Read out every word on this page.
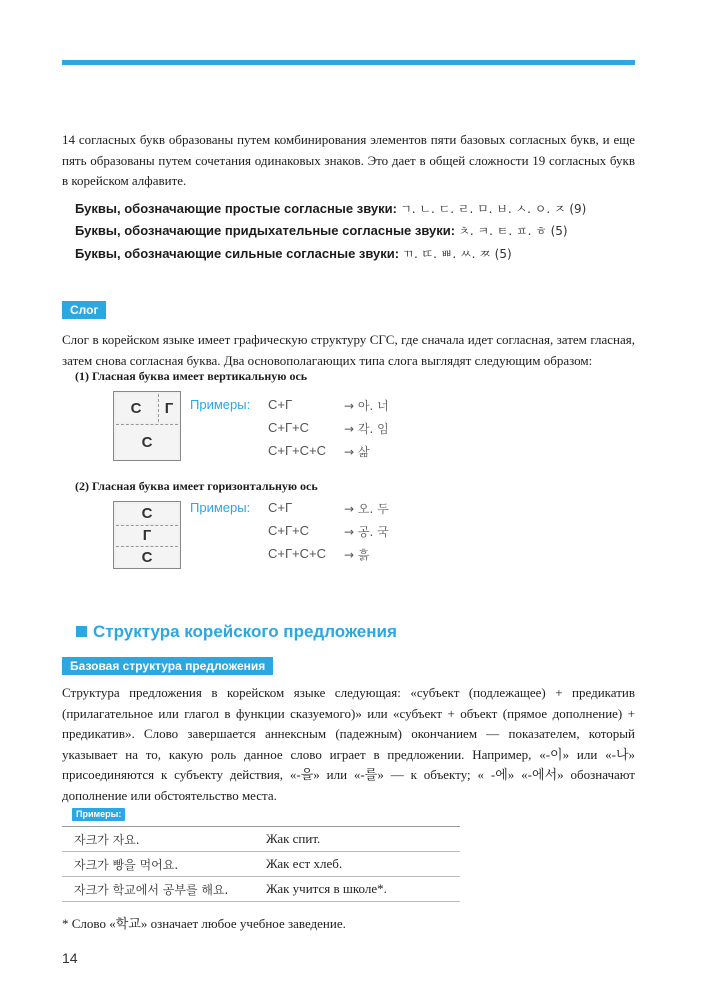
14 согласных букв образованы путем комбинирования элементов пяти базовых согласных букв, и еще пять образованы путем сочетания одинаковых знаков. Это дает в общей сложности 19 согласных букв в корейском алфавите.
Буквы, обозначающие простые согласные звуки: ㄱ. ㄴ. ㄷ. ㄹ. ㅁ. ㅂ. ㅅ. ㅇ. ㅈ (9)
Буквы, обозначающие придыхательные согласные звуки: ㅊ. ㅋ. ㅌ. ㅍ. ㅎ (5)
Буквы, обозначающие сильные согласные звуки: ㄲ. ㄸ. ㅃ. ㅆ. ㅉ (5)
Слог
Слог в корейском языке имеет графическую структуру СГС, где сначала идет согласная, затем гласная, затем снова согласная буква. Два основополагающих типа слога выглядят следующим образом:
(1) Гласная буква имеет вертикальную ось
С	Г
С
Примеры: С+Г	→ 아. 너
С+Г+С	→ 각. 임
С+Г+С+С → 삶
(2) Гласная буква имеет горизонтальную ось
С
Г
С
Примеры: С+Г	→ 오. 두
С+Г+С	→ 공. 국
С+Г+С+С → 흙
Структура корейского предложения
Базовая структура предложения
Структура предложения в корейском языке следующая: «субъект (подлежащее) + предикатив (прилагательное или глагол в функции сказуемого)» или «субъект + объект (прямое дополнение) + предикатив». Слово завершается аннексным (падежным) окончанием — показателем, который указывает на то, какую роль данное слово играет в предложении. Например, «-이» или «-나» присоединяются к субъекту действия, «-을» или «-를» — к объекту; « -에» «-에서» обозначают дополнение или обстоятельство места.
Примеры:
자크가 자요.	Жак спит.
자크가 빵을 먹어요.	Жак ест хлеб.
자크가 학교에서 공부를 해요.	Жак учится в школе*.
* Слово «학교» означает любое учебное заведение.
14
